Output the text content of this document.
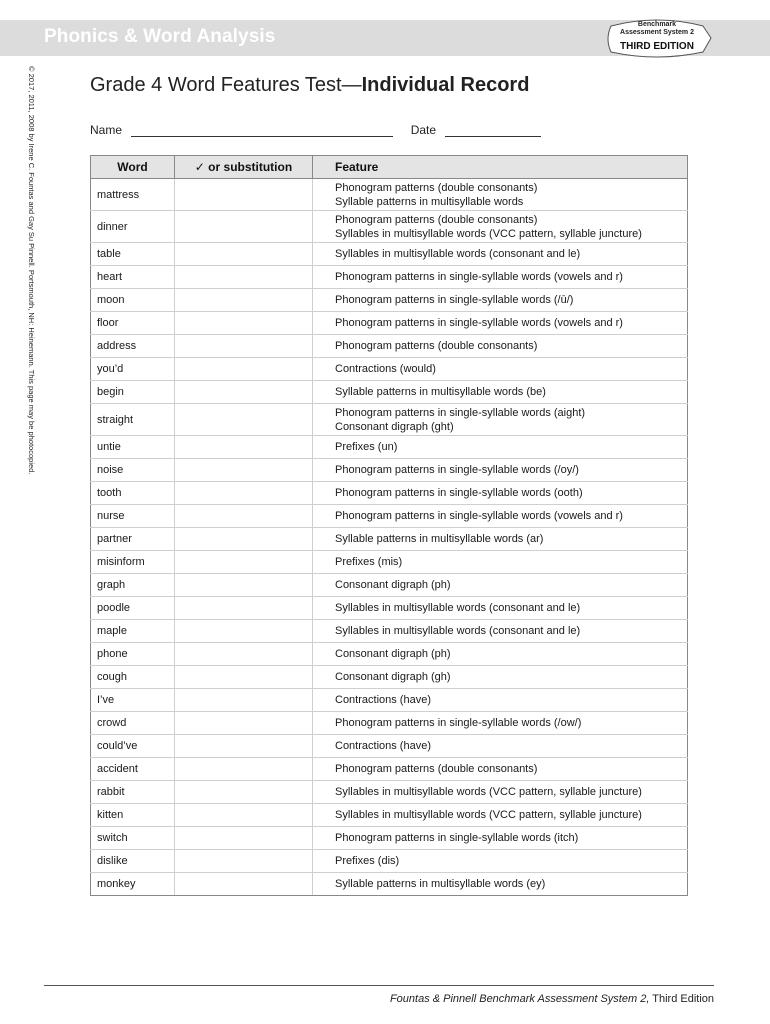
Phonics & Word Analysis
Benchmark
Assessment System 2
THIRD EDITION
© 2017, 2011, 2008 by Irene C. Fountas and Gay Su Pinnell. Portsmouth, NH: Heinemann. This page may be photocopied.	Grade 4 Word Features Test—Individual Record
Name	Date
Word	✓ or substitution	Feature
mattress		Phonogram patterns (double consonants)
Syllable patterns in multisyllable words

dinner		Phonogram patterns (double consonants)
Syllables in multisyllable words (VCC pattern, syllable juncture)

table		Syllables in multisyllable words (consonant and le)

heart		Phonogram patterns in single-syllable words (vowels and r)

moon		Phonogram patterns in single-syllable words (/ū/)

floor		Phonogram patterns in single-syllable words (vowels and r)

address		Phonogram patterns (double consonants)

you’d		Contractions (would)

begin		Syllable patterns in multisyllable words (be)

straight		Phonogram patterns in single-syllable words (aight)
Consonant digraph (ght)

untie		Prefixes (un)

noise		Phonogram patterns in single-syllable words (/oy/)

tooth		Phonogram patterns in single-syllable words (ooth)

nurse		Phonogram patterns in single-syllable words (vowels and r)

partner		Syllable patterns in multisyllable words (ar)

misinform		Prefixes (mis)

graph		Consonant digraph (ph)

poodle		Syllables in multisyllable words (consonant and le)

maple		Syllables in multisyllable words (consonant and le)

phone		Consonant digraph (ph)

cough		Consonant digraph (gh)

I’ve		Contractions (have)

crowd		Phonogram patterns in single-syllable words (/ow/)

could’ve		Contractions (have)

accident		Phonogram patterns (double consonants)

rabbit		Syllables in multisyllable words (VCC pattern, syllable juncture)

kitten		Syllables in multisyllable words (VCC pattern, syllable juncture)

switch		Phonogram patterns in single-syllable words (itch)

dislike		Prefixes (dis)

monkey		Syllable patterns in multisyllable words (ey)
Fountas & Pinnell Benchmark Assessment System 2, Third Edition
